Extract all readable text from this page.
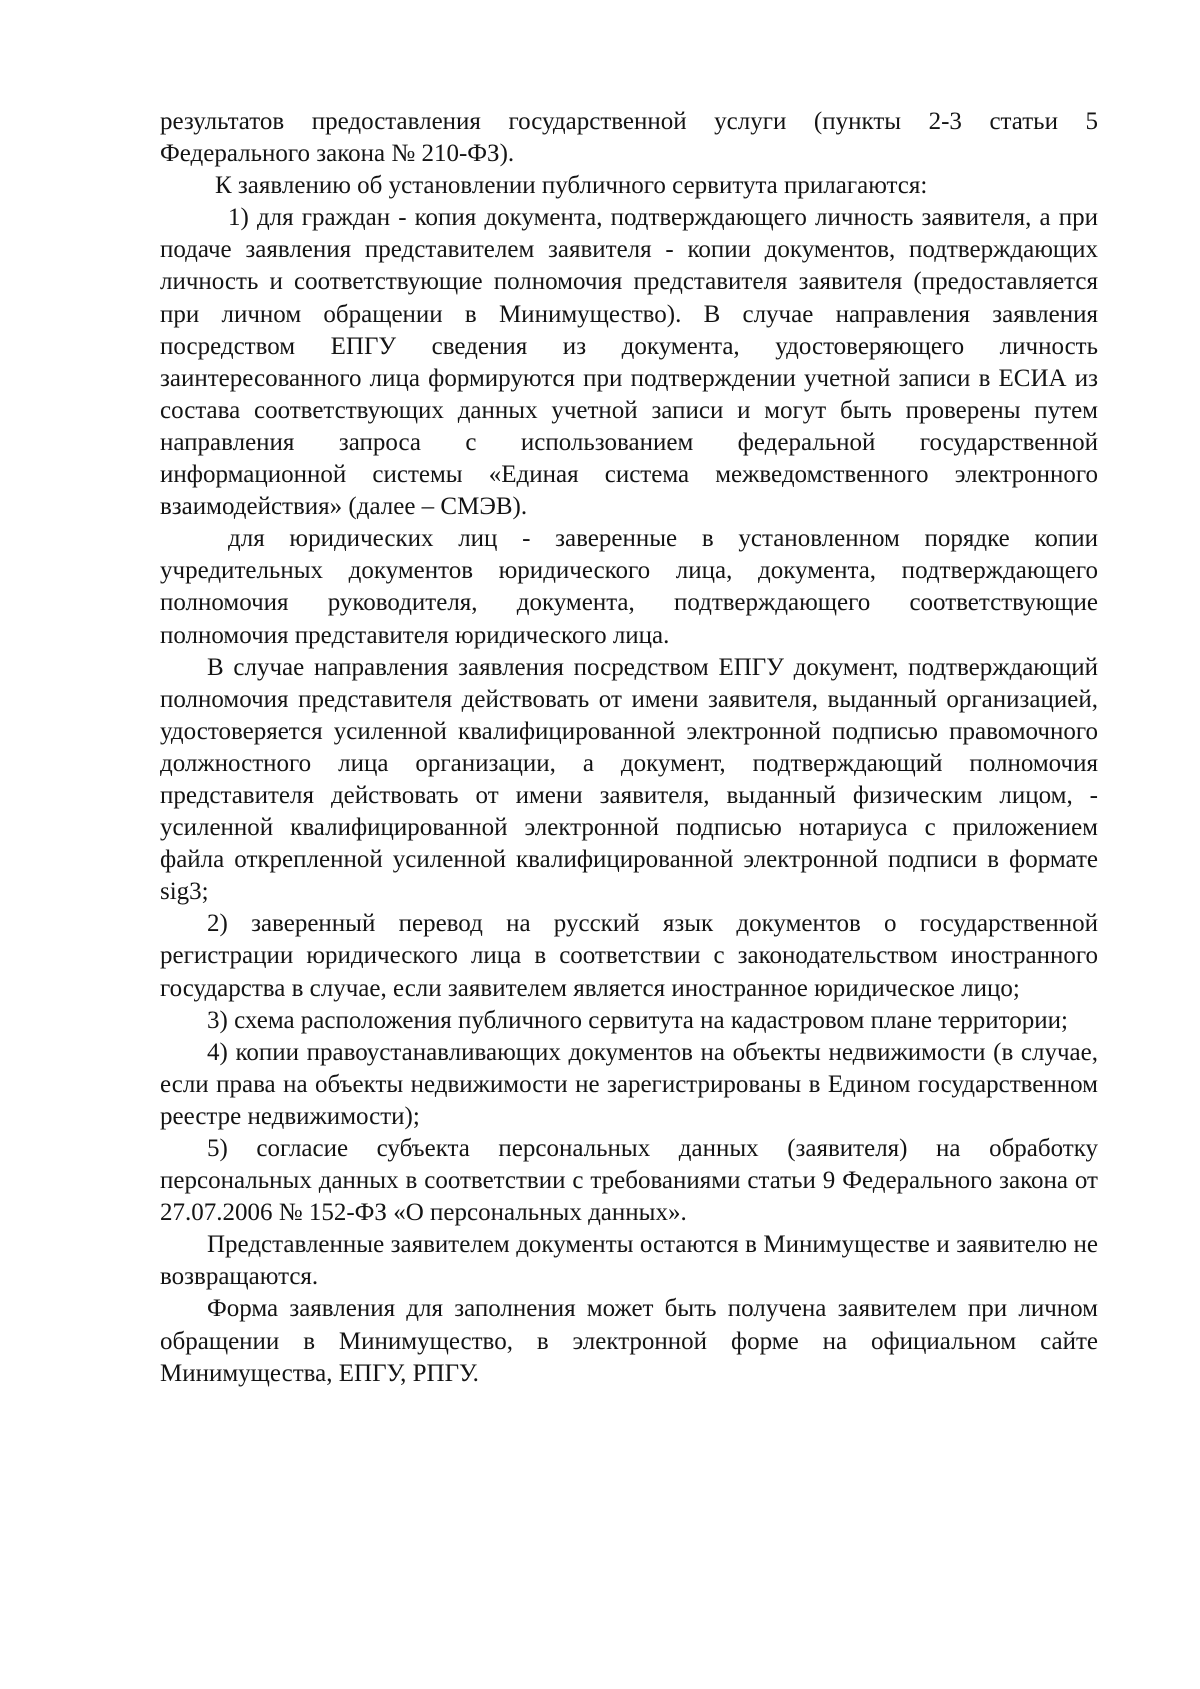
результатов предоставления государственной услуги (пункты 2-3 статьи 5 Федерального закона № 210-ФЗ).

К заявлению об установлении публичного сервитута прилагаются:

1) для граждан - копия документа, подтверждающего личность заявителя, а при подаче заявления представителем заявителя - копии документов, подтверждающих личность и соответствующие полномочия представителя заявителя (предоставляется при личном обращении в Минимущество). В случае направления заявления посредством ЕПГУ сведения из документа, удостоверяющего личность заинтересованного лица формируются при подтверждении учетной записи в ЕСИА из состава соответствующих данных учетной записи и могут быть проверены путем направления запроса с использованием федеральной государственной информационной системы «Единая система межведомственного электронного взаимодействия» (далее – СМЭВ).

для юридических лиц - заверенные в установленном порядке копии учредительных документов юридического лица, документа, подтверждающего полномочия руководителя, документа, подтверждающего соответствующие полномочия представителя юридического лица.

В случае направления заявления посредством ЕПГУ документ, подтверждающий полномочия представителя действовать от имени заявителя, выданный организацией, удостоверяется усиленной квалифицированной электронной подписью правомочного должностного лица организации, а документ, подтверждающий полномочия представителя действовать от имени заявителя, выданный физическим лицом, - усиленной квалифицированной электронной подписью нотариуса с приложением файла открепленной усиленной квалифицированной электронной подписи в формате sig3;

2) заверенный перевод на русский язык документов о государственной регистрации юридического лица в соответствии с законодательством иностранного государства в случае, если заявителем является иностранное юридическое лицо;

3) схема расположения публичного сервитута на кадастровом плане территории;

4) копии правоустанавливающих документов на объекты недвижимости (в случае, если права на объекты недвижимости не зарегистрированы в Едином государственном реестре недвижимости);

5) согласие субъекта персональных данных (заявителя) на обработку персональных данных в соответствии с требованиями статьи 9 Федерального закона от 27.07.2006 № 152-ФЗ «О персональных данных».

Представленные заявителем документы остаются в Минимуществе и заявителю не возвращаются.

Форма заявления для заполнения может быть получена заявителем при личном обращении в Минимущество, в электронной форме на официальном сайте Минимущества, ЕПГУ, РПГУ.
